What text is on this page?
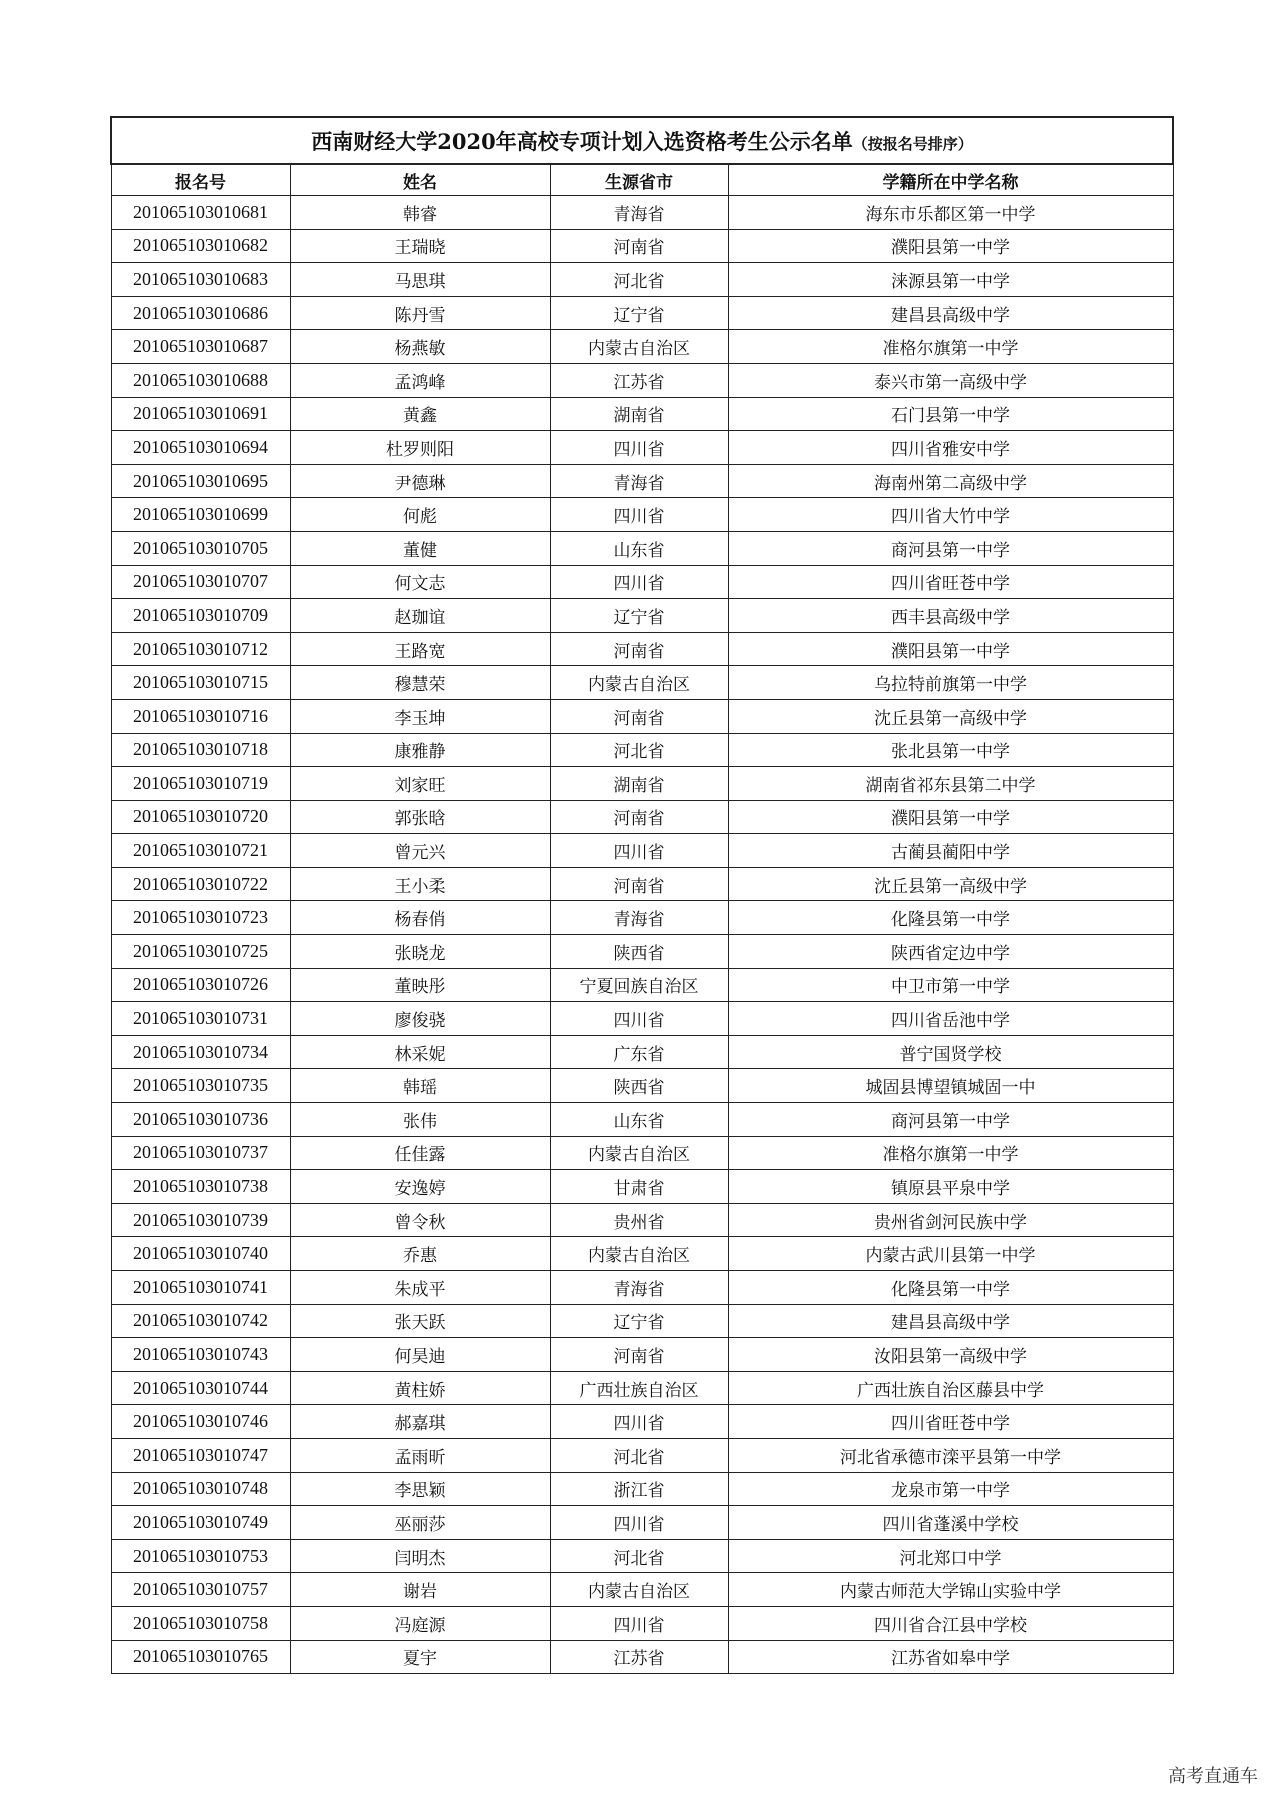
西南财经大学2020年高校专项计划入选资格考生公示名单（按报名号排序）			
报名号	姓名	生源省市	学籍所在中学名称
201065103010681	韩睿	青海省	海东市乐都区第一中学
201065103010682	王瑞晓	河南省	濮阳县第一中学
201065103010683	马思琪	河北省	涞源县第一中学
201065103010686	陈丹雪	辽宁省	建昌县高级中学
201065103010687	杨燕敏	内蒙古自治区	准格尔旗第一中学
201065103010688	孟鸿峰	江苏省	泰兴市第一高级中学
201065103010691	黄鑫	湖南省	石门县第一中学
201065103010694	杜罗则阳	四川省	四川省雅安中学
201065103010695	尹德琳	青海省	海南州第二高级中学
201065103010699	何彪	四川省	四川省大竹中学
201065103010705	董健	山东省	商河县第一中学
201065103010707	何文志	四川省	四川省旺苍中学
201065103010709	赵珈谊	辽宁省	西丰县高级中学
201065103010712	王路宽	河南省	濮阳县第一中学
201065103010715	穆慧荣	内蒙古自治区	乌拉特前旗第一中学
201065103010716	李玉坤	河南省	沈丘县第一高级中学
201065103010718	康雅静	河北省	张北县第一中学
201065103010719	刘家旺	湖南省	湖南省祁东县第二中学
201065103010720	郭张晗	河南省	濮阳县第一中学
201065103010721	曾元兴	四川省	古蔺县蔺阳中学
201065103010722	王小柔	河南省	沈丘县第一高级中学
201065103010723	杨春俏	青海省	化隆县第一中学
201065103010725	张晓龙	陕西省	陕西省定边中学
201065103010726	董映彤	宁夏回族自治区	中卫市第一中学
201065103010731	廖俊骁	四川省	四川省岳池中学
201065103010734	林采妮	广东省	普宁国贤学校
201065103010735	韩瑶	陕西省	城固县博望镇城固一中
201065103010736	张伟	山东省	商河县第一中学
201065103010737	任佳露	内蒙古自治区	准格尔旗第一中学
201065103010738	安逸婷	甘肃省	镇原县平泉中学
201065103010739	曾令秋	贵州省	贵州省剑河民族中学
201065103010740	乔惠	内蒙古自治区	内蒙古武川县第一中学
201065103010741	朱成平	青海省	化隆县第一中学
201065103010742	张天跃	辽宁省	建昌县高级中学
201065103010743	何昊迪	河南省	汝阳县第一高级中学
201065103010744	黄柱娇	广西壮族自治区	广西壮族自治区藤县中学
201065103010746	郝嘉琪	四川省	四川省旺苍中学
201065103010747	孟雨昕	河北省	河北省承德市滦平县第一中学
201065103010748	李思颖	浙江省	龙泉市第一中学
201065103010749	巫丽莎	四川省	四川省蓬溪中学校
201065103010753	闫明杰	河北省	河北郑口中学
201065103010757	谢岩	内蒙古自治区	内蒙古师范大学锦山实验中学
201065103010758	冯庭源	四川省	四川省合江县中学校
201065103010765	夏宇	江苏省	江苏省如皋中学
高考直通车
